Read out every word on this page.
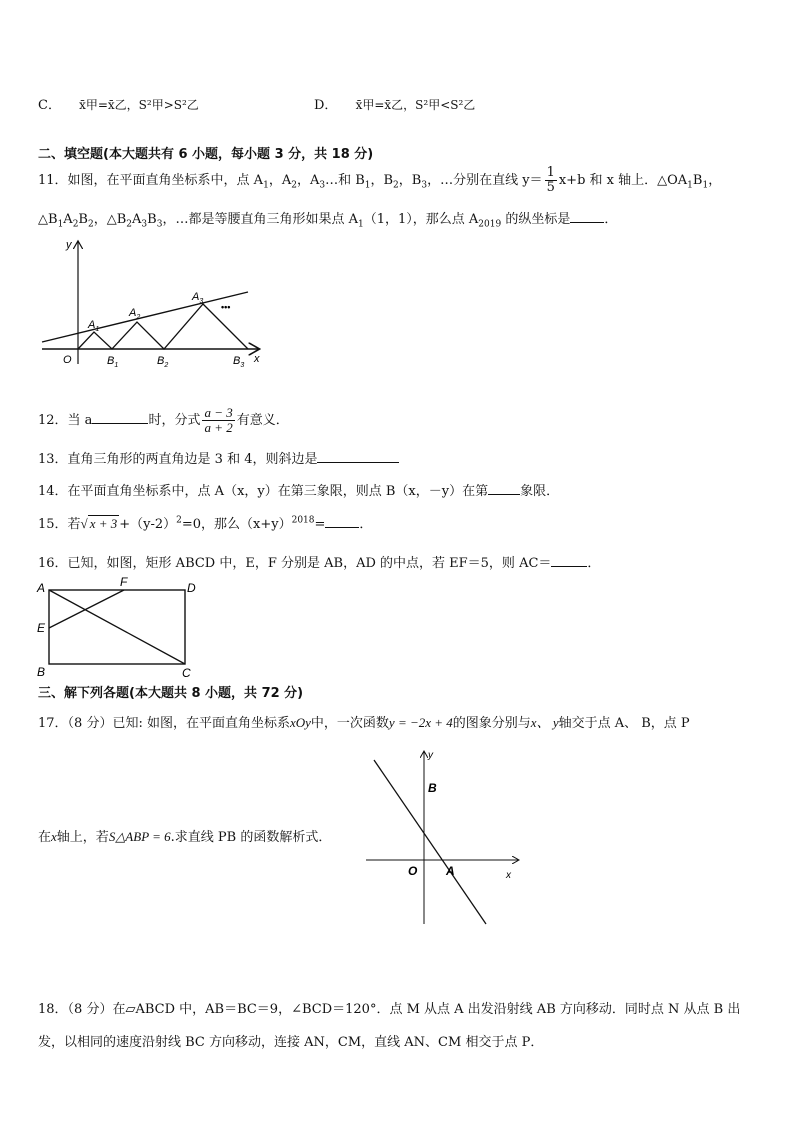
C． x̄甲=x̄乙，S²甲>S²乙	D． x̄甲=x̄乙，S²甲<S²乙
二、填空题(本大题共有 6 小题，每小题 3 分，共 18 分)
11．如图，在平面直角坐标系中，点 $A_1$，$A_2$，$A_3\dots$和 $B_1$，$B_2$，$B_3$，…分别在直线 $y= \frac{1}{5} x+b$ 和 x 轴上．$\triangle OA_1B_1$，
$\triangle B_1A_2B_2$，$\triangle B_2A_3B_3$，…都是等腰直角三角形如果点 $A_1(1$，1），那么点 $A_{2019}$ 的纵坐标是	．
y
x
O
$A_1$
$A_2$
$A_3$
$B_1$	$B_2$	$B_3$
•••
12．当 a	时，分式 $\frac{a - 3}{a + 2}$ 有意义．
13．直角三角形的两直角边是 3 和 4，则斜边是
14．在平面直角坐标系中，点 A（x，y）在第三象限，则点 B（x，－y）在第 象限．
15．若√ $x + 3 +(y-2)^2=0$，那么$(x+y)^{2018}=$	．
16．已知，如图，矩形 ABCD 中，E，F 分别是 AB，AD 的中点，若 EF＝5，则 AC＝	．
A
B	C
D
E
F
三、解下列各题(本大题共 8 小题，共 72 分)
17．（8 分）已知: 如图，在平面直角坐标系xOy中，一次函数y = −2x + 4的图象分别与x、 y轴交于点 A、 B，点 P
在x轴上，若S△ABP = 6.求直线 PB 的函数解析式．
y
x
O A
B
18．（8 分）在▱ABCD 中，AB＝BC＝9，∠BCD＝120°．点 M 从点 A 出发沿射线 AB 方向移动．同时点 N 从点 B 出
发，以相同的速度沿射线 BC 方向移动，连接 AN，CM，直线 AN、CM 相交于点 P．
